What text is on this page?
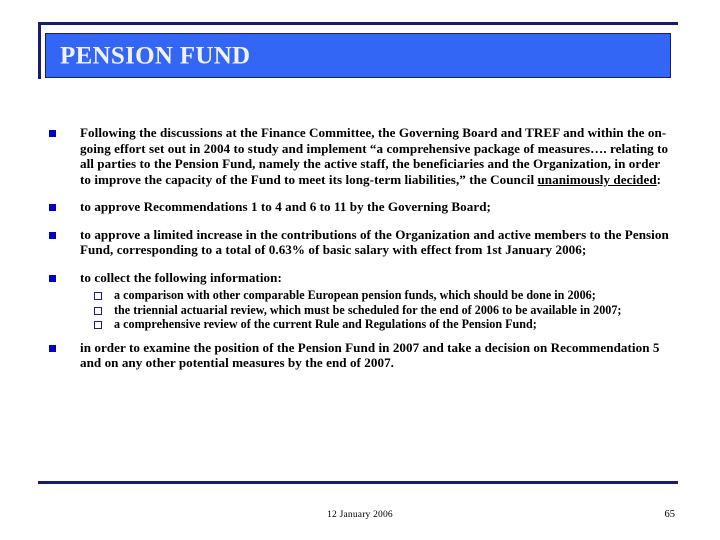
PENSION FUND
Following the discussions at the Finance Committee, the Governing Board and TREF and within the on-going effort set out in 2004 to study and implement “a comprehensive package of measures…. relating to all parties to the Pension Fund, namely the active staff, the beneficiaries and the Organization, in order to improve the capacity of the Fund to meet its long-term liabilities,” the Council unanimously decided:
to approve Recommendations 1 to 4 and 6 to 11 by the Governing Board;
to approve a limited increase in the contributions of the Organization and active members to the Pension Fund, corresponding to a total of 0.63% of basic salary with effect from 1st January 2006;
to collect the following information:
a comparison with other comparable European pension funds, which should be done in 2006;
the triennial actuarial review, which must be scheduled for the end of 2006 to be available in 2007;
a comprehensive review of the current Rule and Regulations of the Pension Fund;
in order to examine the position of the Pension Fund in 2007 and take a decision on Recommendation 5 and on any other potential measures by the end of 2007.
12 January 2006	65
